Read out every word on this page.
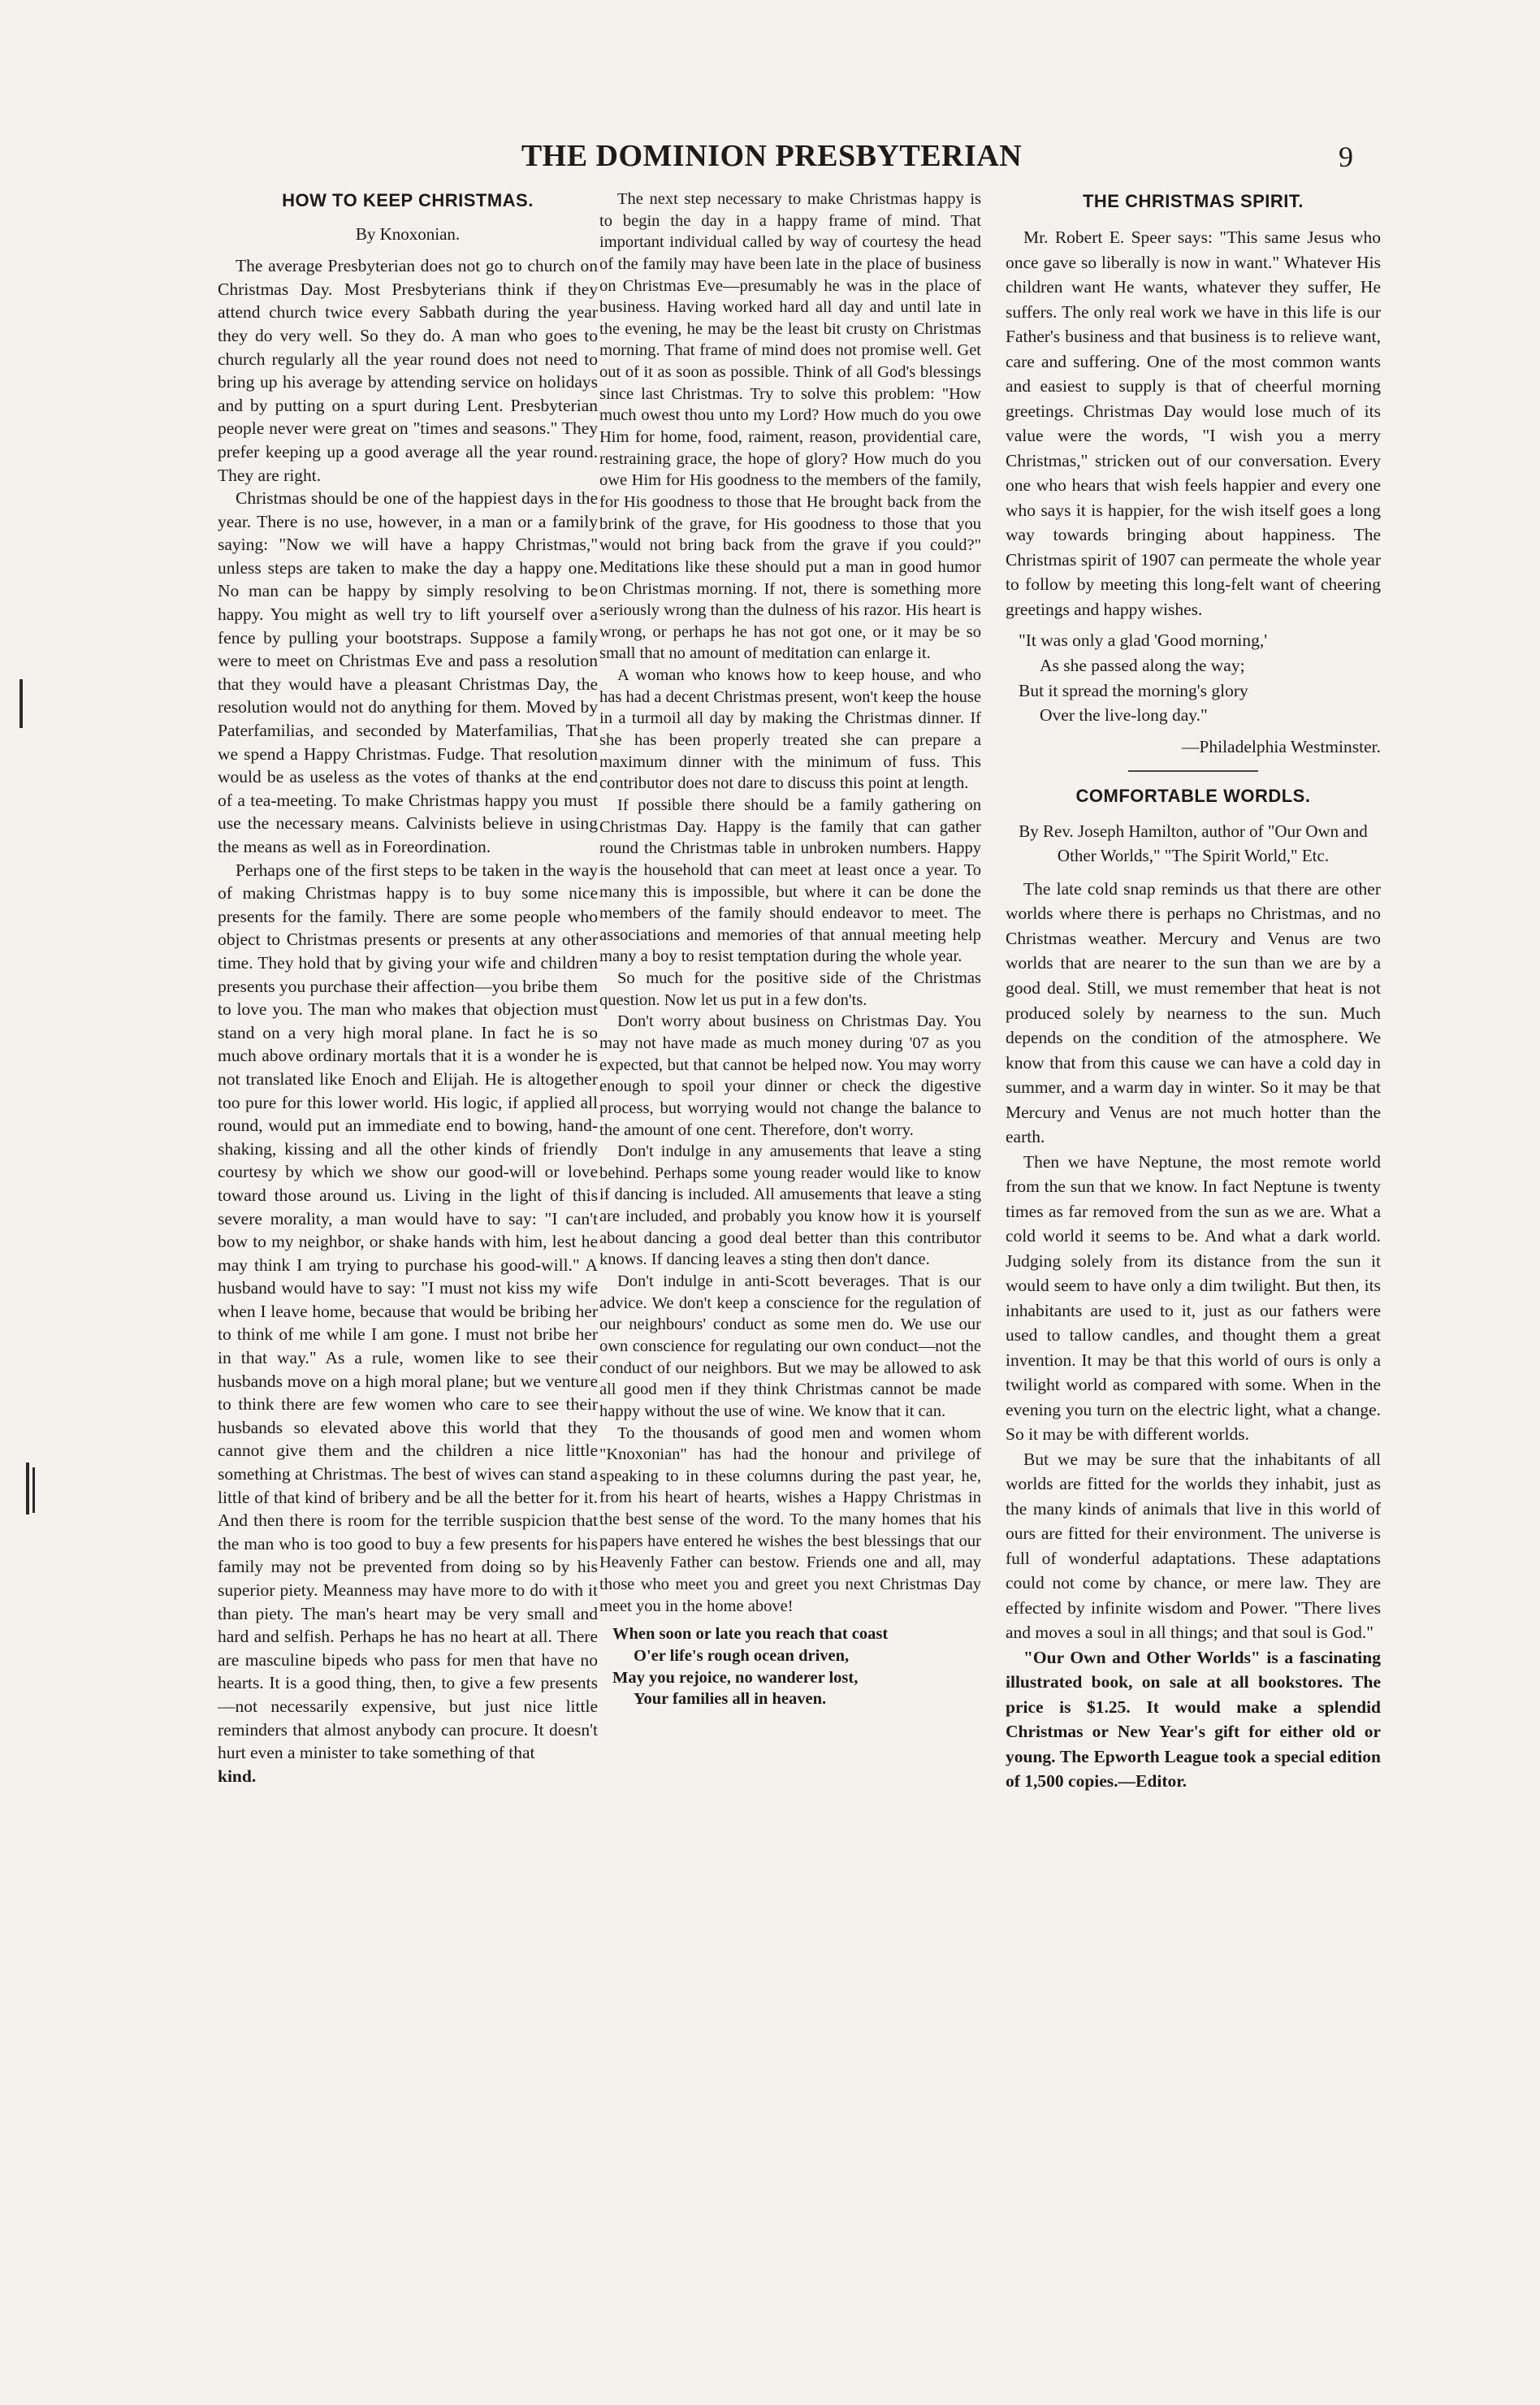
THE DOMINION PRESBYTERIAN	9
HOW TO KEEP CHRISTMAS.
By Knoxonian.

The average Presbyterian does not go to church on Christmas Day. Most Presbyterians think if they attend church twice every Sabbath during the year they do very well. So they do. A man who goes to church regularly all the year round does not need to bring up his average by attending service on holidays and by putting on a spurt during Lent. Presbyterian people never were great on "times and seasons." They prefer keeping up a good average all the year round. They are right.

Christmas should be one of the happiest days in the year. There is no use, however, in a man or a family saying: "Now we will have a happy Christmas," unless steps are taken to make the day a happy one. No man can be happy by simply resolving to be happy. You might as well try to lift yourself over a fence by pulling your bootstraps. Suppose a family were to meet on Christmas Eve and pass a resolution that they would have a pleasant Christmas Day, the resolution would not do anything for them. Moved by Paterfamilias, and seconded by Materfamilias, That we spend a Happy Christmas. Fudge. That resolution would be as useless as the votes of thanks at the end of a tea-meeting. To make Christmas happy you must use the necessary means. Calvinists believe in using the means as well as in Foreordination.

Perhaps one of the first steps to be taken in the way of making Christmas happy is to buy some nice presents for the family. There are some people who object to Christmas presents or presents at any other time. They hold that by giving your wife and children presents you purchase their affection—you bribe them to love you. The man who makes that objection must stand on a very high moral plane. In fact he is so much above ordinary mortals that it is a wonder he is not translated like Enoch and Elijah. He is altogether too pure for this lower world. His logic, if applied all round, would put an immediate end to bowing, hand-shaking, kissing and all the other kinds of friendly courtesy by which we show our good-will or love toward those around us. Living in the light of this severe morality, a man would have to say: "I can't bow to my neighbor, or shake hands with him, lest he may think I am trying to purchase his good-will." A husband would have to say: "I must not kiss my wife when I leave home, because that would be bribing her to think of me while I am gone. I must not bribe her in that way." As a rule, women like to see their husbands move on a high moral plane; but we venture to think there are few women who care to see their husbands so elevated above this world that they cannot give them and the children a nice little something at Christmas. The best of wives can stand a little of that kind of bribery and be all the better for it. And then there is room for the terrible suspicion that the man who is too good to buy a few presents for his family may not be prevented from doing so by his superior piety. Meanness may have more to do with it than piety. The man's heart may be very small and hard and selfish. Perhaps he has no heart at all. There are masculine bipeds who pass for men that have no hearts. It is a good thing, then, to give a few presents—not necessarily expensive, but just nice little reminders that almost anybody can procure. It doesn't hurt even a minister to take something of that

kind.

The next step necessary to make Christmas happy is to begin the day in a happy frame of mind. That important individual called by way of courtesy the head of the family may have been late in the place of business on Christmas Eve—presumably he was in the place of business. Having worked hard all day and until late in the evening, he may be the least bit crusty on Christmas morning. That frame of mind does not promise well. Get out of it as soon as possible. Think of all God's blessings since last Christmas. Try to solve this problem: "How much owest thou unto my Lord? How much do you owe Him for home, food, raiment, reason, providential care, restraining grace, the hope of glory? How much do you owe Him for His goodness to the members of the family, for His goodness to those that He brought back from the brink of the grave, for His goodness to those that you would not bring back from the grave if you could?" Meditations like these should put a man in good humor on Christmas morning. If not, there is something more seriously wrong than the dulness of his razor. His heart is wrong, or perhaps he has not got one, or it may be so small that no amount of meditation can enlarge it.

A woman who knows how to keep house, and who has had a decent Christmas present, won't keep the house in a turmoil all day by making the Christmas dinner. If she has been properly treated she can prepare a maximum dinner with the minimum of fuss. This contributor does not dare to discuss this point at length.

If possible there should be a family gathering on Christmas Day. Happy is the family that can gather round the Christmas table in unbroken numbers. Happy is the household that can meet at least once a year. To many this is impossible, but where it can be done the members of the family should endeavor to meet. The associations and memories of that annual meeting help many a boy to resist temptation during the whole year.

So much for the positive side of the Christmas question. Now let us put in a few don'ts.

Don't worry about business on Christmas Day. You may not have made as much money during '07 as you expected, but that cannot be helped now. You may worry enough to spoil your dinner or check the digestive process, but worrying would not change the balance to the amount of one cent. Therefore, don't worry.

Don't indulge in any amusements that leave a sting behind. Perhaps some young reader would like to know if dancing is included. All amusements that leave a sting are included, and probably you know how it is yourself about dancing a good deal better than this contributor knows. If dancing leaves a sting then don't dance.

Don't indulge in anti-Scott beverages. That is our advice. We don't keep a conscience for the regulation of our neighbours' conduct as some men do. We use our own conscience for regulating our own conduct—not the conduct of our neighbors. But we may be allowed to ask all good men if they think Christmas cannot be made happy without the use of wine. We know that it can.

To the thousands of good men and women whom "Knoxonian" has had the honour and privilege of speaking to in these columns during the past year, he, from his heart of hearts, wishes a Happy Christmas in the best sense of the word. To the many homes that his papers have entered he wishes the best blessings that our Heavenly Father can bestow. Friends one and all, may those who meet you and greet you next Christmas Day meet you in the home above!

When soon or late you reach that coast
O'er life's rough ocean driven,
May you rejoice, no wanderer lost,
Your families all in heaven.
THE CHRISTMAS SPIRIT.

Mr. Robert E. Speer says: "This same Jesus who once gave so liberally is now in want." Whatever His children want He wants, whatever they suffer, He suffers. The only real work we have in this life is our Father's business and that business is to relieve want, care and suffering. One of the most common wants and easiest to supply is that of cheerful morning greetings. Christmas Day would lose much of its value were the words, "I wish you a merry Christmas," stricken out of our conversation. Every one who hears that wish feels happier and every one who says it is happier, for the wish itself goes a long way towards bringing about happiness. The Christmas spirit of 1907 can permeate the whole year to follow by meeting this long-felt want of cheering greetings and happy wishes.

"It was only a glad 'Good morning,'
As she passed along the way;
But it spread the morning's glory
Over the live-long day."
—Philadelphia Westminster.
COMFORTABLE WORDLS.
By Rev. Joseph Hamilton, author of "Our Own and Other Worlds," "The Spirit World," Etc.

The late cold snap reminds us that there are other worlds where there is perhaps no Christmas, and no Christmas weather. Mercury and Venus are two worlds that are nearer to the sun than we are by a good deal. Still, we must remember that heat is not produced solely by nearness to the sun. Much depends on the condition of the atmosphere. We know that from this cause we can have a cold day in summer, and a warm day in winter. So it may be that Mercury and Venus are not much hotter than the earth.

Then we have Neptune, the most remote world from the sun that we know. In fact Neptune is twenty times as far removed from the sun as we are. What a cold world it seems to be. And what a dark world. Judging solely from its distance from the sun it would seem to have only a dim twilight. But then, its inhabitants are used to it, just as our fathers were used to tallow candles, and thought them a great invention. It may be that this world of ours is only a twilight world as compared with some. When in the evening you turn on the electric light, what a change. So it may be with different worlds.

But we may be sure that the inhabitants of all worlds are fitted for the worlds they inhabit, just as the many kinds of animals that live in this world of ours are fitted for their environment. The universe is full of wonderful adaptations. These adaptations could not come by chance, or mere law. They are effected by infinite wisdom and Power. "There lives and moves a soul in all things; and that soul is God."

"Our Own and Other Worlds" is a fascinating illustrated book, on sale at all bookstores. The price is $1.25. It would make a splendid Christmas or New Year's gift for either old or young. The Epworth League took a special edition of 1,500 copies.—Editor.
